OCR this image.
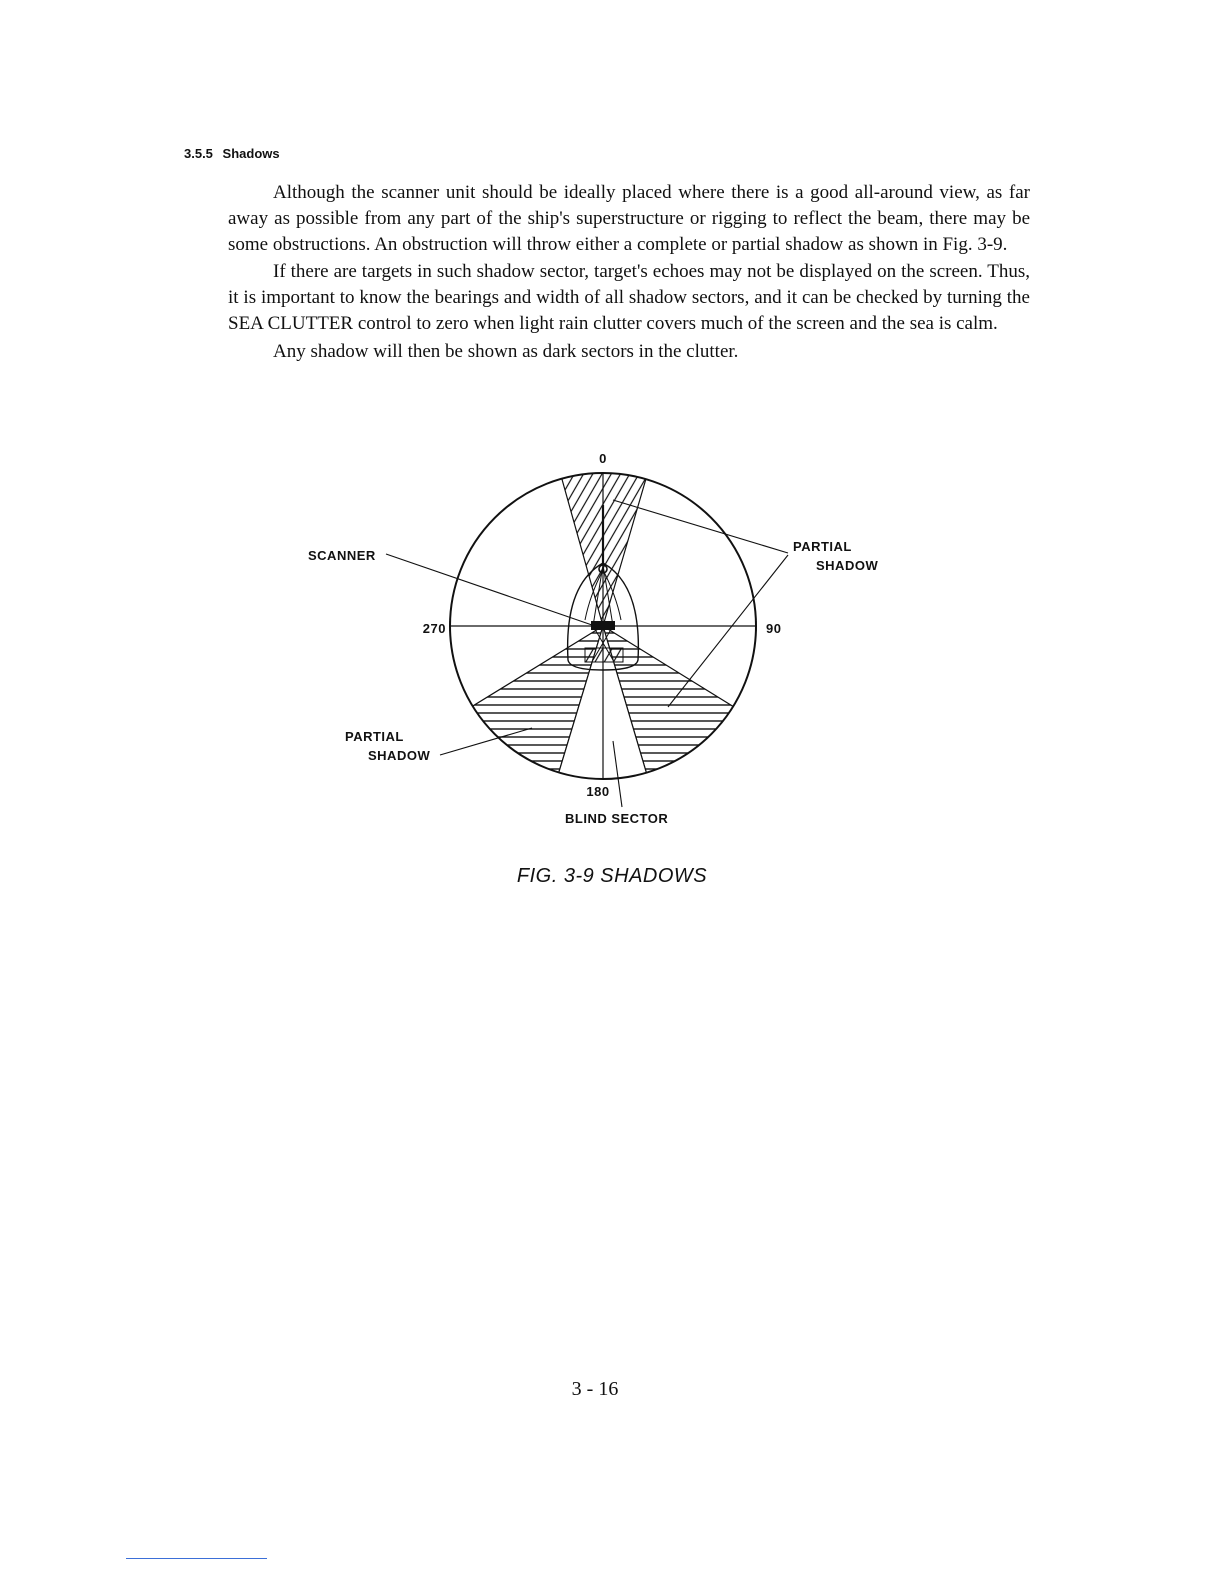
3.5.5 Shadows

Although the scanner unit should be ideally placed where there is a good all-around view, as far away as possible from any part of the ship's superstructure or rigging to reflect the beam, there may be some obstructions. An obstruction will throw either a complete or partial shadow as shown in Fig. 3-9.

If there are targets in such shadow sector, target's echoes may not be displayed on the screen. Thus, it is important to know the bearings and width of all shadow sectors, and it can be checked by turning the SEA CLUTTER control to zero when light rain clutter covers much of the screen and the sea is calm.

Any shadow will then be shown as dark sectors in the clutter.

0
90
180
270
SCANNER
PARTIAL
SHADOW
PARTIAL
SHADOW
BLIND SECTOR
FIG. 3-9 SHADOWS
3 - 16
